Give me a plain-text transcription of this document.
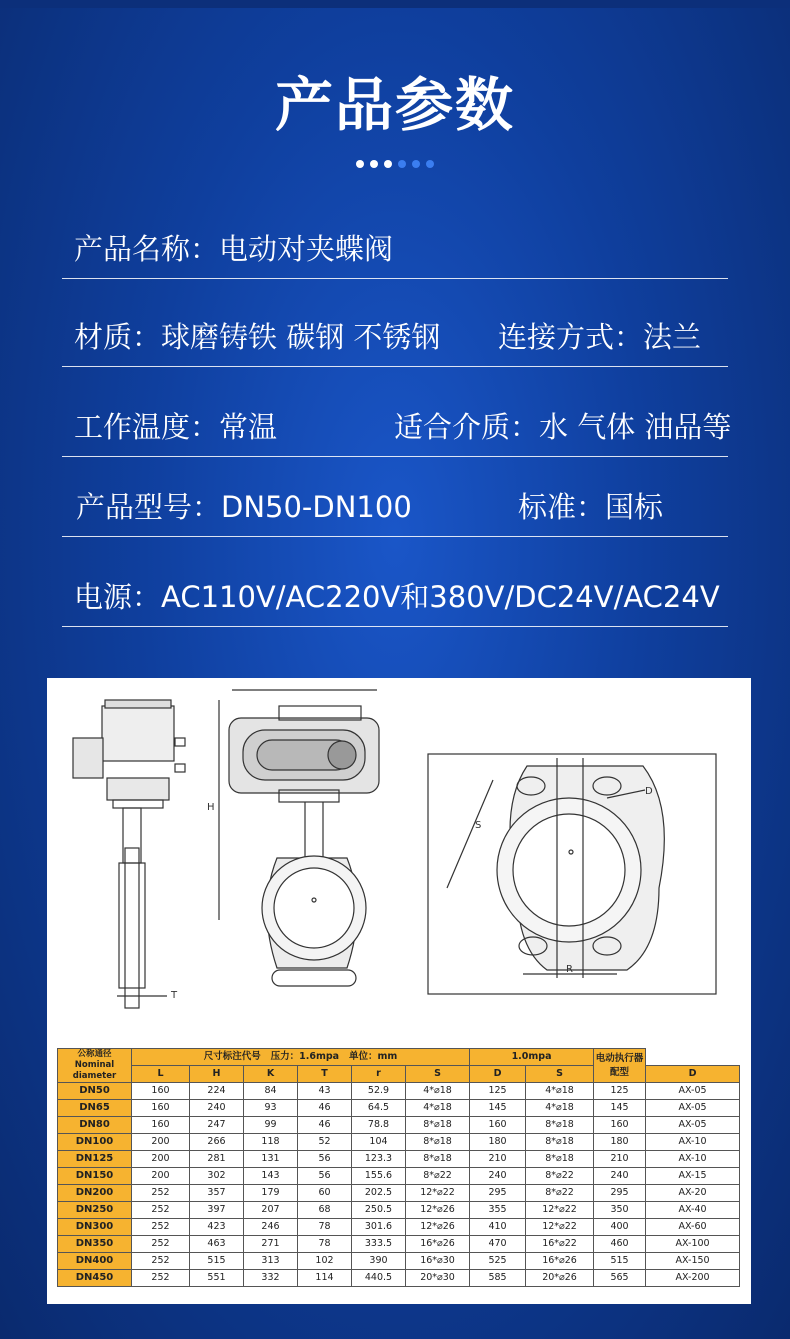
产品参数
产品名称：电动对夹蝶阀
材质：球磨铸铁 碳钢 不锈钢 连接方式：法兰
工作温度：常温	适合介质：水 气体 油品等
产品型号：DN50-DN100	标准：国标
电源：AC110V/AC220V和380V/DC24V/AC24V
H
T
S
D
R
公称通径
Nominal
diameter	尺寸标注代号 压力：1.6mpa 单位：mm						1.0mpa		电动执行器配型	
	L	H	K	T	r	S	D	S		D
DN50	160	224	84	43	52.9	4*⌀18	125	4*⌀18	125	AX-05
DN65	160	240	93	46	64.5	4*⌀18	145	4*⌀18	145	AX-05
DN80	160	247	99	46	78.8	8*⌀18	160	8*⌀18	160	AX-05
DN100	200	266	118	52	104	8*⌀18	180	8*⌀18	180	AX-10
DN125	200	281	131	56	123.3	8*⌀18	210	8*⌀18	210	AX-10
DN150	200	302	143	56	155.6	8*⌀22	240	8*⌀22	240	AX-15
DN200	252	357	179	60	202.5	12*⌀22	295	8*⌀22	295	AX-20
DN250	252	397	207	68	250.5	12*⌀26	355	12*⌀22	350	AX-40
DN300	252	423	246	78	301.6	12*⌀26	410	12*⌀22	400	AX-60
DN350	252	463	271	78	333.5	16*⌀26	470	16*⌀22	460	AX-100
DN400	252	515	313	102	390	16*⌀30	525	16*⌀26	515	AX-150
DN450	252	551	332	114	440.5	20*⌀30	585	20*⌀26	565	AX-200
